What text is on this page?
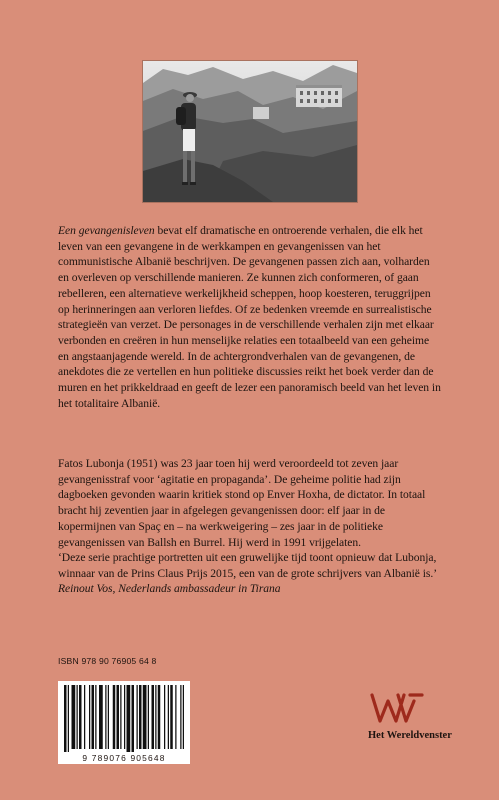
Een gevangenisleven bevat elf dramatische en ontroerende verhalen, die elk het leven van een gevangene in de werkkampen en gevangenissen van het communistische Albanië beschrijven. De gevangenen passen zich aan, volharden en overleven op verschillende manieren. Ze kunnen zich conformeren, of gaan rebelleren, een alternatieve werkelijkheid scheppen, hoop koesteren, teruggrijpen op herinneringen aan verloren liefdes. Of ze bedenken vreemde en surrealistische strategieën van verzet. De personages in de verschillende verhalen zijn met elkaar verbonden en creëren in hun menselijke relaties een totaalbeeld van een geheime en angstaanjagende wereld. In de achtergrondverhalen van de gevangenen, de anekdotes die ze vertellen en hun politieke discussies reikt het boek verder dan de muren en het prikkeldraad en geeft de lezer een panoramisch beeld van het leven in het totalitaire Albanië.

Fatos Lubonja (1951) was 23 jaar toen hij werd veroordeeld tot zeven jaar gevangenisstraf voor ‘agitatie en propaganda’. De geheime politie had zijn dagboeken gevonden waarin kritiek stond op Enver Hoxha, de dictator. In totaal bracht hij zeventien jaar in afgelegen gevangenissen door: elf jaar in de kopermijnen van Spaç en – na werkweigering – zes jaar in de politieke gevangenissen van Ballsh en Burrel. Hij werd in 1991 vrijgelaten.

‘Deze serie prachtige portretten uit een gruwelijke tijd toont opnieuw dat Lubonja, winnaar van de Prins Claus Prijs 2015, een van de grote schrijvers van Albanië is.’

Reinout Vos, Nederlands ambassadeur in Tirana

ISBN 978 90 76905 64 8
9 789076 905648
Het Wereldvenster
